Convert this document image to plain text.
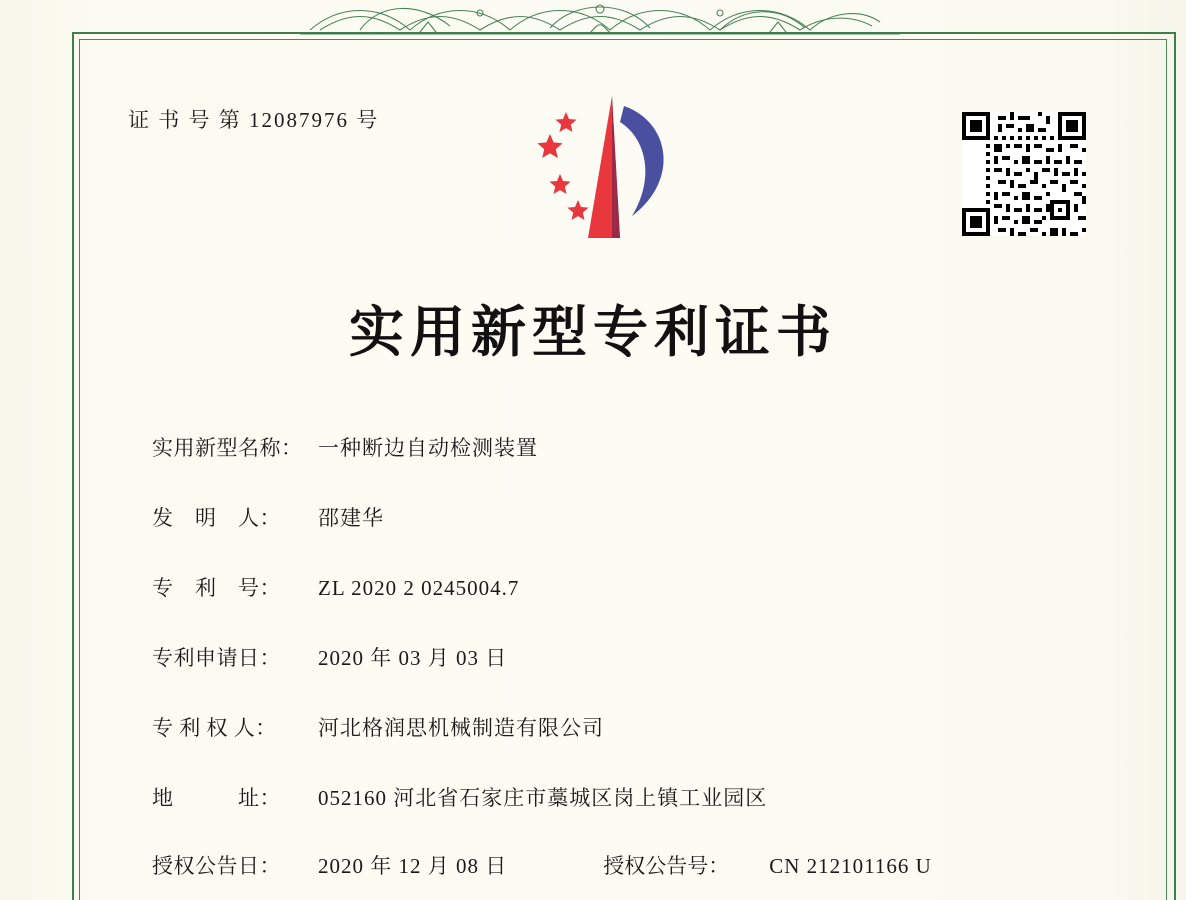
证 书 号 第 12087976 号
实用新型专利证书
实用新型名称： 一种断边自动检测装置
发　明　人：	邵建华
专　利　号：	ZL 2020 2 0245004.7
专利申请日：	2020 年 03 月 03 日
专 利 权 人：	河北格润思机械制造有限公司
地　　　址：	052160 河北省石家庄市藁城区岗上镇工业园区
授权公告日：	2020 年 12 月 08 日	授权公告号：	CN 212101166 U
